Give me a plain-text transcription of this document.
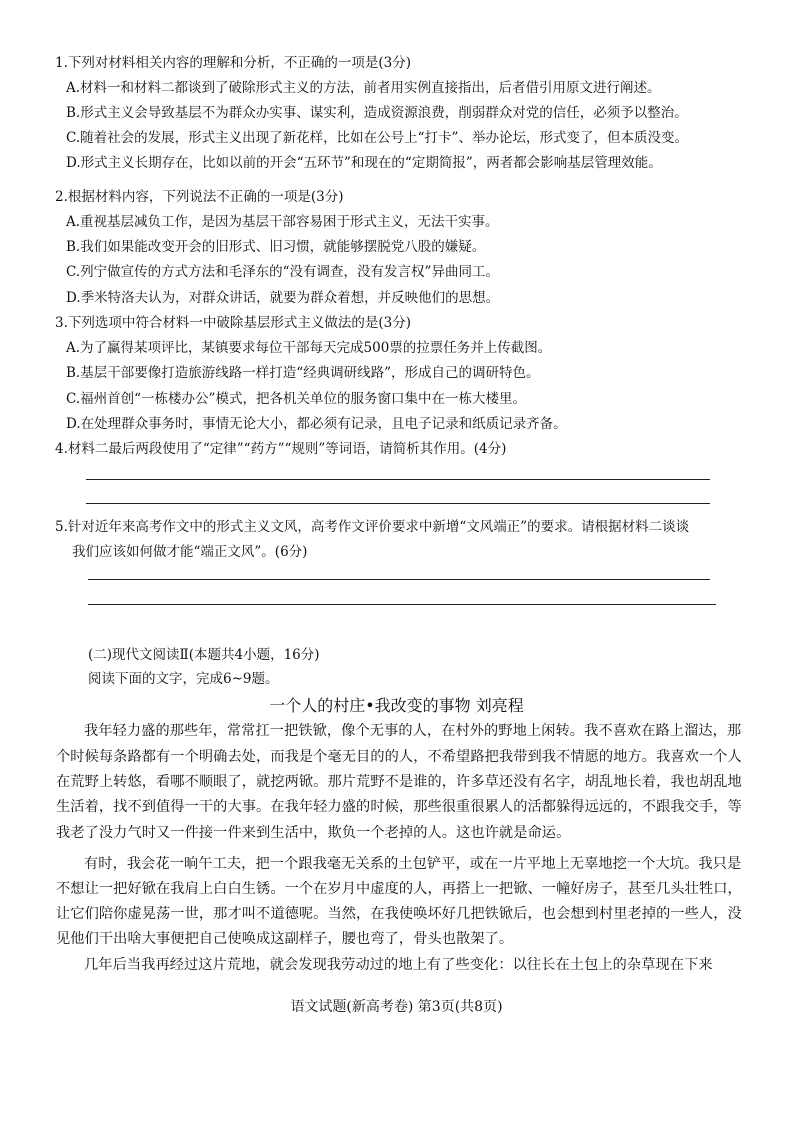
1.下列对材料相关内容的理解和分析，不正确的一项是(3分)
A.材料一和材料二都谈到了破除形式主义的方法，前者用实例直接指出，后者借引用原文进行阐述。
B.形式主义会导致基层不为群众办实事、谋实利，造成资源浪费，削弱群众对党的信任，必须予以整治。
C.随着社会的发展，形式主义出现了新花样，比如在公号上“打卡”、举办论坛，形式变了，但本质没变。
D.形式主义长期存在，比如以前的开会“五环节”和现在的“定期简报”，两者都会影响基层管理效能。
2.根据材料内容，下列说法不正确的一项是(3分)
A.重视基层减负工作，是因为基层干部容易困于形式主义，无法干实事。
B.我们如果能改变开会的旧形式、旧习惯，就能够摆脱党八股的嫌疑。
C.列宁做宣传的方式方法和毛泽东的“没有调查，没有发言权”异曲同工。
D.季米特洛夫认为，对群众讲话，就要为群众着想，并反映他们的思想。
3.下列选项中符合材料一中破除基层形式主义做法的是(3分)
A.为了赢得某项评比，某镇要求每位干部每天完成500票的拉票任务并上传截图。
B.基层干部要像打造旅游线路一样打造“经典调研线路”，形成自己的调研特色。
C.福州首创“一栋楼办公”模式，把各机关单位的服务窗口集中在一栋大楼里。
D.在处理群众事务时，事情无论大小，都必须有记录，且电子记录和纸质记录齐备。
4.材料二最后两段使用了“定律”“药方”“规则”等词语，请简析其作用。(4分)
5.针对近年来高考作文中的形式主义文风，高考作文评价要求中新增“文风端正”的要求。请根据材料二谈谈
我们应该如何做才能“端正文风”。(6分)
(二)现代文阅读Ⅱ(本题共4小题，16分)
阅读下面的文字，完成6~9题。
一个人的村庄•我改变的事物 刘亮程
我年轻力盛的那些年，常常扛一把铁锨，像个无事的人，在村外的野地上闲转。我不喜欢在路上溜达，那
个时候每条路都有一个明确去处，而我是个毫无目的的人，不希望路把我带到我不情愿的地方。我喜欢一个人
在荒野上转悠，看哪不顺眼了，就挖两锨。那片荒野不是谁的，许多草还没有名字，胡乱地长着，我也胡乱地
生活着，找不到值得一干的大事。在我年轻力盛的时候，那些很重很累人的活都躲得远远的，不跟我交手，等
我老了没力气时又一件接一件来到生活中，欺负一个老掉的人。这也许就是命运。
有时，我会花一晌午工夫，把一个跟我毫无关系的土包铲平，或在一片平地上无辜地挖一个大坑。我只是
不想让一把好锨在我肩上白白生锈。一个在岁月中虚度的人，再搭上一把锨、一幢好房子，甚至几头壮牲口，
让它们陪你虚晃荡一世，那才叫不道德呢。当然，在我使唤坏好几把铁锨后，也会想到村里老掉的一些人，没
见他们干出啥大事便把自己使唤成这副样子，腰也弯了，骨头也散架了。
几年后当我再经过这片荒地，就会发现我劳动过的地上有了些变化：以往长在土包上的杂草现在下来
语文试题(新高考卷) 第3页(共8页)
